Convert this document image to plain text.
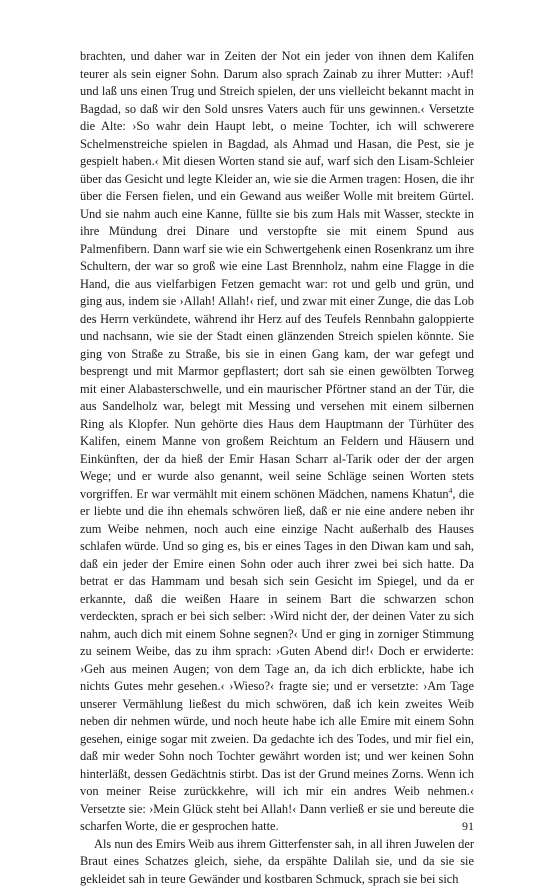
brachten, und daher war in Zeiten der Not ein jeder von ihnen dem Kalifen teurer als sein eigner Sohn. Darum also sprach Zainab zu ihrer Mutter: ›Auf! und laß uns einen Trug und Streich spielen, der uns vielleicht bekannt macht in Bagdad, so daß wir den Sold unsres Vaters auch für uns gewinnen.‹ Versetzte die Alte: ›So wahr dein Haupt lebt, o meine Tochter, ich will schwerere Schelmenstreiche spielen in Bagdad, als Ahmad und Hasan, die Pest, sie je gespielt haben.‹ Mit diesen Worten stand sie auf, warf sich den Lisam-Schleier über das Gesicht und legte Kleider an, wie sie die Armen tragen: Hosen, die ihr über die Fersen fielen, und ein Gewand aus weißer Wolle mit breitem Gürtel. Und sie nahm auch eine Kanne, füllte sie bis zum Hals mit Wasser, steckte in ihre Mündung drei Dinare und verstopfte sie mit einem Spund aus Palmenfibern. Dann warf sie wie ein Schwertgehenk einen Rosenkranz um ihre Schultern, der war so groß wie eine Last Brennholz, nahm eine Flagge in die Hand, die aus vielfarbigen Fetzen gemacht war: rot und gelb und grün, und ging aus, indem sie ›Allah! Allah!‹ rief, und zwar mit einer Zunge, die das Lob des Herrn verkündete, während ihr Herz auf des Teufels Rennbahn galoppierte und nachsann, wie sie der Stadt einen glänzenden Streich spielen könnte. Sie ging von Straße zu Straße, bis sie in einen Gang kam, der war gefegt und besprengt und mit Marmor gepflastert; dort sah sie einen gewölbten Torweg mit einer Alabasterschwelle, und ein maurischer Pförtner stand an der Tür, die aus Sandelholz war, belegt mit Messing und versehen mit einem silbernen Ring als Klopfer. Nun gehörte dies Haus dem Hauptmann der Türhüter des Kalifen, einem Manne von großem Reichtum an Feldern und Häusern und Einkünften, der da hieß der Emir Hasan Scharr al-Tarik oder der der argen Wege; und er wurde also genannt, weil seine Schläge seinen Worten stets vorgriffen. Er war vermählt mit einem schönen Mädchen, namens Khatun$^4$, die er liebte und die ihn ehemals schwören ließ, daß er nie eine andere neben ihr zum Weibe nehmen, noch auch eine einzige Nacht außerhalb des Hauses schlafen würde. Und so ging es, bis er eines Tages in den Diwan kam und sah, daß ein jeder der Emire einen Sohn oder auch ihrer zwei bei sich hatte. Da betrat er das Hammam und besah sich sein Gesicht im Spiegel, und da er erkannte, daß die weißen Haare in seinem Bart die schwarzen schon verdeckten, sprach er bei sich selber: ›Wird nicht der, der deinen Vater zu sich nahm, auch dich mit einem Sohne segnen?‹ Und er ging in zorniger Stimmung zu seinem Weibe, das zu ihm sprach: ›Guten Abend dir!‹ Doch er erwiderte: ›Geh aus meinen Augen; von dem Tage an, da ich dich erblickte, habe ich nichts Gutes mehr gesehen.‹ ›Wieso?‹ fragte sie; und er versetzte: ›Am Tage unserer Vermählung ließest du mich schwören, daß ich kein zweites Weib neben dir nehmen würde, und noch heute habe ich alle Emire mit einem Sohn gesehen, einige sogar mit zweien. Da gedachte ich des Todes, und mir fiel ein, daß mir weder Sohn noch Tochter gewährt worden ist; und wer keinen Sohn hinterläßt, dessen Gedächtnis stirbt. Das ist der Grund meines Zorns. Wenn ich von meiner Reise zurückkehre, will ich mir ein andres Weib nehmen.‹ Versetzte sie: ›Mein Glück steht bei Allah!‹ Dann verließ er sie und bereute die scharfen Worte, die er gesprochen hatte.

Als nun des Emirs Weib aus ihrem Gitterfenster sah, in all ihren Juwelen der Braut eines Schatzes gleich, siehe, da erspähte Dalilah sie, und da sie sie gekleidet sah in teure Gewänder und kostbaren Schmuck, sprach sie bei sich

91
